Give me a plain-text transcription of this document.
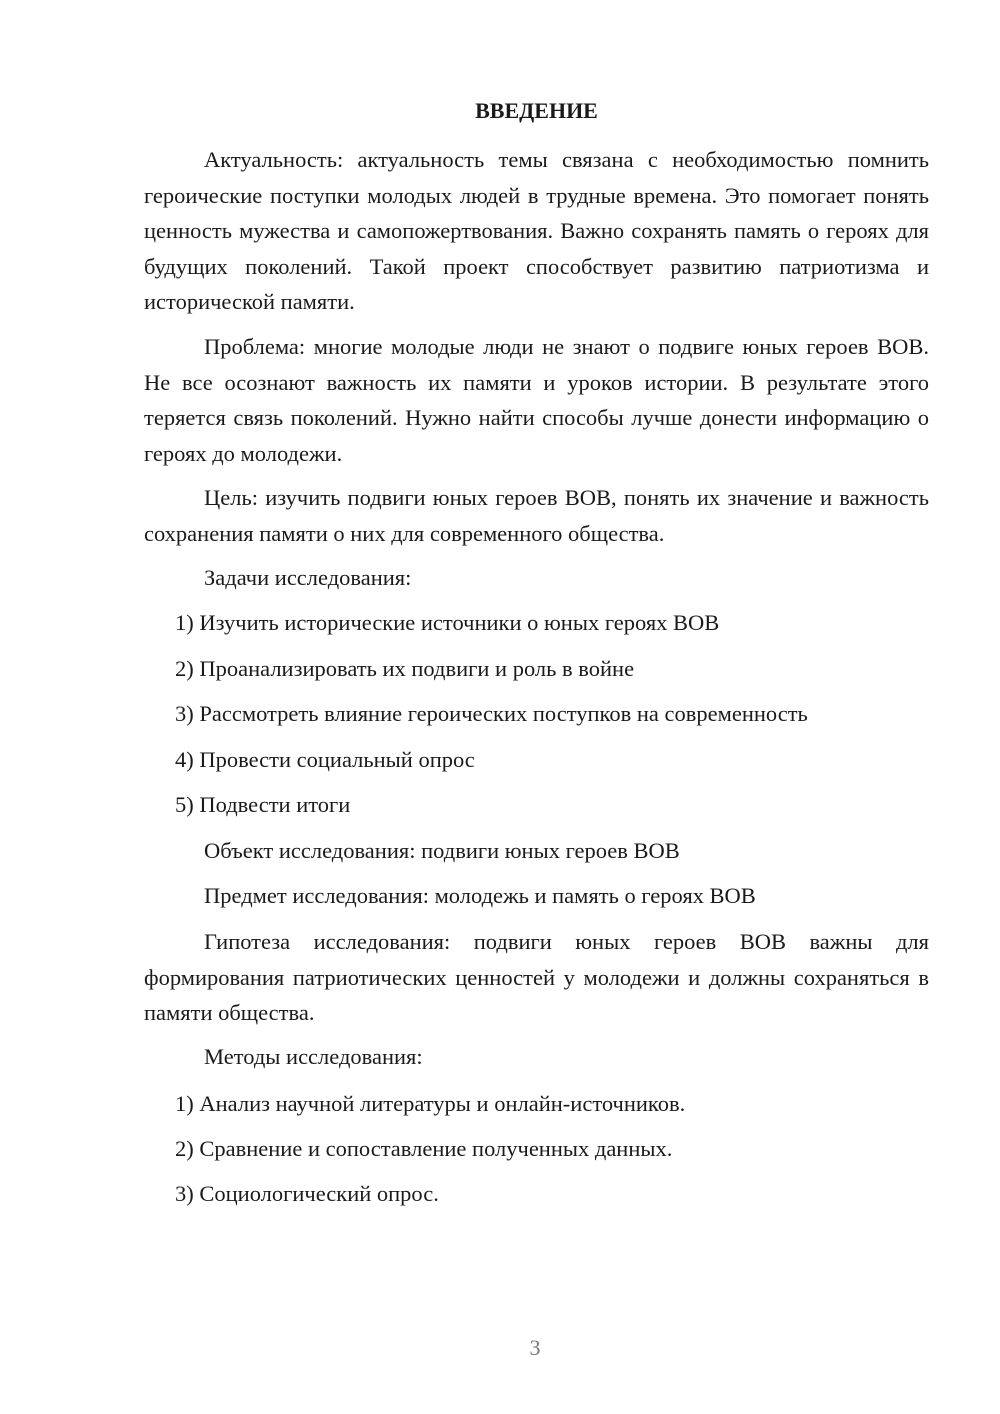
ВВЕДЕНИЕ

Актуальность: актуальность темы связана с необходимостью помнить героические поступки молодых людей в трудные времена. Это помогает понять ценность мужества и самопожертвования. Важно сохранять память о героях для будущих поколений. Такой проект способствует развитию патриотизма и исторической памяти.

Проблема: многие молодые люди не знают о подвиге юных героев ВОВ. Не все осознают важность их памяти и уроков истории. В результате этого теряется связь поколений. Нужно найти способы лучше донести информацию о героях до молодежи.

Цель: изучить подвиги юных героев ВОВ, понять их значение и важность сохранения памяти о них для современного общества.

Задачи исследования:

1) Изучить исторические источники о юных героях ВОВ

2) Проанализировать их подвиги и роль в войне

3) Рассмотреть влияние героических поступков на современность

4) Провести социальный опрос

5) Подвести итоги

Объект исследования: подвиги юных героев ВОВ

Предмет исследования: молодежь и память о героях ВОВ

Гипотеза исследования: подвиги юных героев ВОВ важны для формирования патриотических ценностей у молодежи и должны сохраняться в памяти общества.

Методы исследования:

1) Анализ научной литературы и онлайн-источников.

2) Сравнение и сопоставление полученных данных.

3) Социологический опрос.

3
